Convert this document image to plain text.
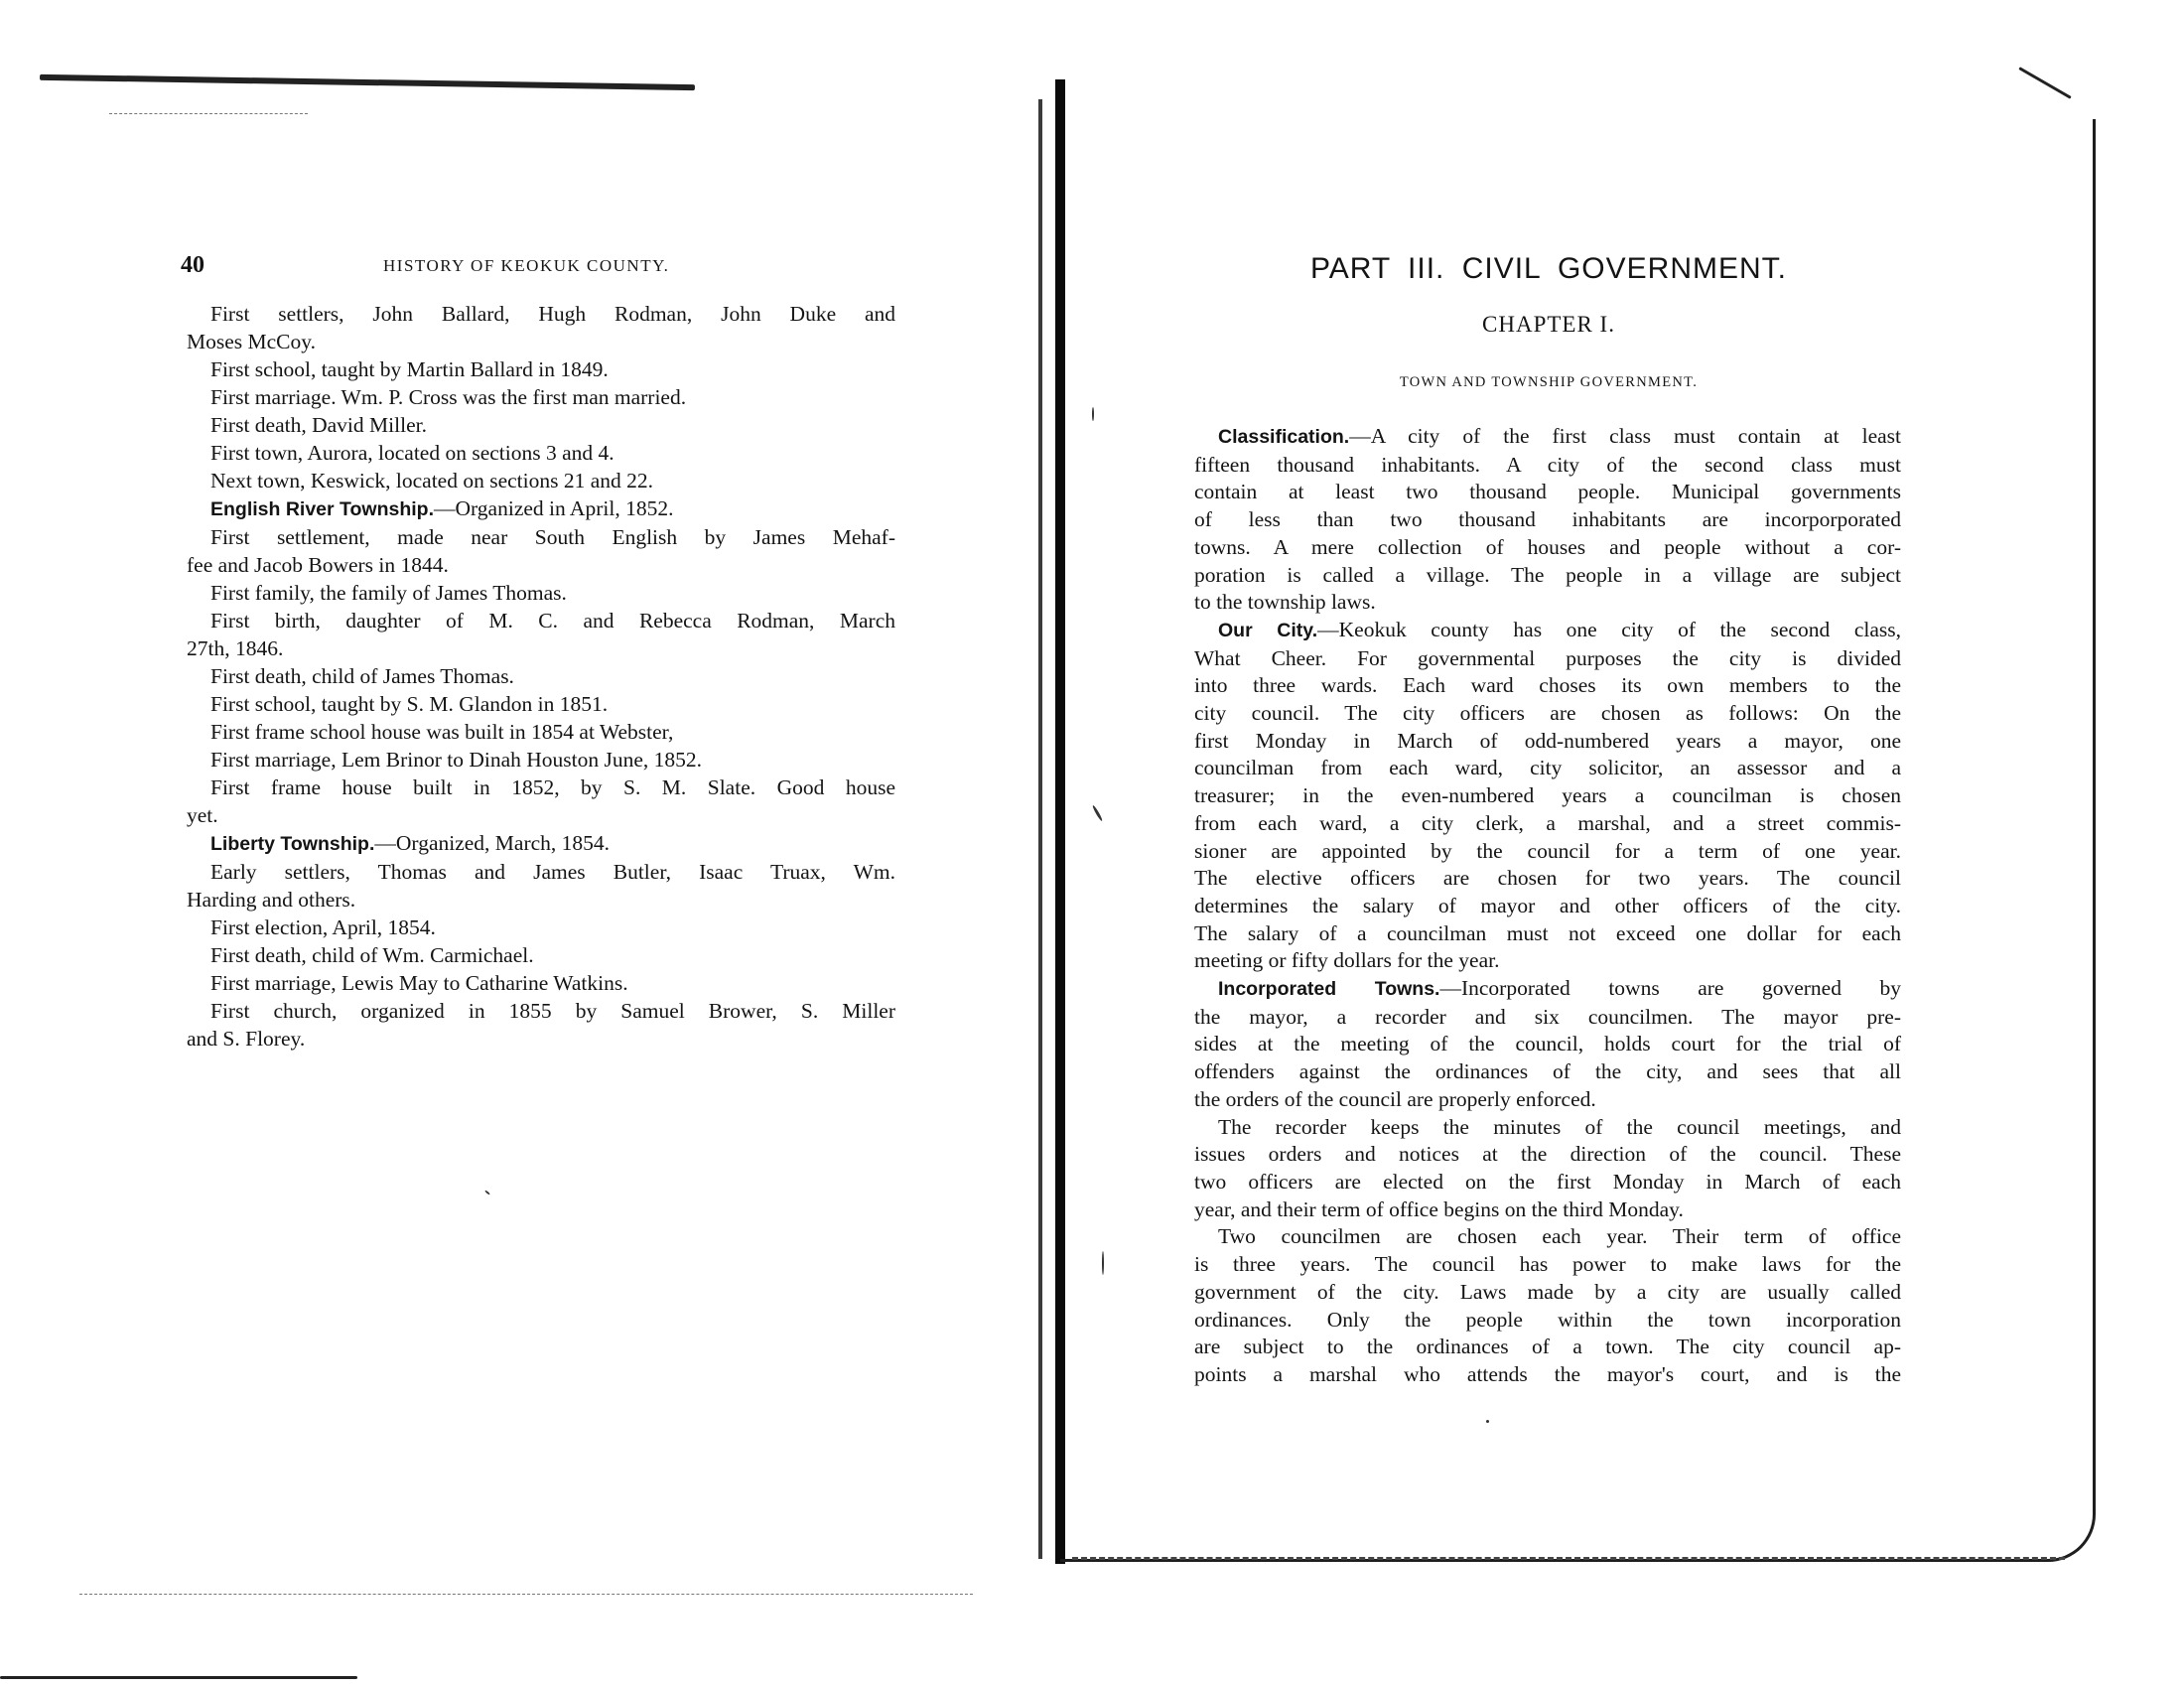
40	HISTORY OF KEOKUK COUNTY.
First settlers, John Ballard, Hugh Rodman, John Duke and
Moses McCoy.
First school, taught by Martin Ballard in 1849.
First marriage. Wm. P. Cross was the first man married.
First death, David Miller.
First town, Aurora, located on sections 3 and 4.
Next town, Keswick, located on sections 21 and 22.
English River Township.—Organized in April, 1852.
First settlement, made near South English by James Mehaf-
fee and Jacob Bowers in 1844.
First family, the family of James Thomas.
First birth, daughter of M. C. and Rebecca Rodman, March
27th, 1846.
First death, child of James Thomas.
First school, taught by S. M. Glandon in 1851.
First frame school house was built in 1854 at Webster,
First marriage, Lem Brinor to Dinah Houston June, 1852.
First frame house built in 1852, by S. M. Slate. Good house
yet.
Liberty Township.—Organized, March, 1854.
Early settlers, Thomas and James Butler, Isaac Truax, Wm.
Harding and others.
First election, April, 1854.
First death, child of Wm. Carmichael.
First marriage, Lewis May to Catharine Watkins.
First church, organized in 1855 by Samuel Brower, S. Miller
and S. Florey.
PART III. CIVIL GOVERNMENT.
CHAPTER I.
TOWN AND TOWNSHIP GOVERNMENT.
Classification.—A city of the first class must contain at least
fifteen thousand inhabitants. A city of the second class must
contain at least two thousand people. Municipal governments
of less than two thousand inhabitants are incorporporated
towns. A mere collection of houses and people without a cor-
poration is called a village. The people in a village are subject
to the township laws.
Our City.—Keokuk county has one city of the second class,
What Cheer. For governmental purposes the city is divided
into three wards. Each ward choses its own members to the
city council. The city officers are chosen as follows: On the
first Monday in March of odd-numbered years a mayor, one
councilman from each ward, city solicitor, an assessor and a
treasurer; in the even-numbered years a councilman is chosen
from each ward, a city clerk, a marshal, and a street commis-
sioner are appointed by the council for a term of one year.
The elective officers are chosen for two years. The council
determines the salary of mayor and other officers of the city.
The salary of a councilman must not exceed one dollar for each
meeting or fifty dollars for the year.
Incorporated Towns.—Incorporated towns are governed by
the mayor, a recorder and six councilmen. The mayor pre-
sides at the meeting of the council, holds court for the trial of
offenders against the ordinances of the city, and sees that all
the orders of the council are properly enforced.
The recorder keeps the minutes of the council meetings, and
issues orders and notices at the direction of the council. These
two officers are elected on the first Monday in March of each
year, and their term of office begins on the third Monday.
Two councilmen are chosen each year. Their term of office
is three years. The council has power to make laws for the
government of the city. Laws made by a city are usually called
ordinances. Only the people within the town incorporation
are subject to the ordinances of a town. The city council ap-
points a marshal who attends the mayor's court, and is the
